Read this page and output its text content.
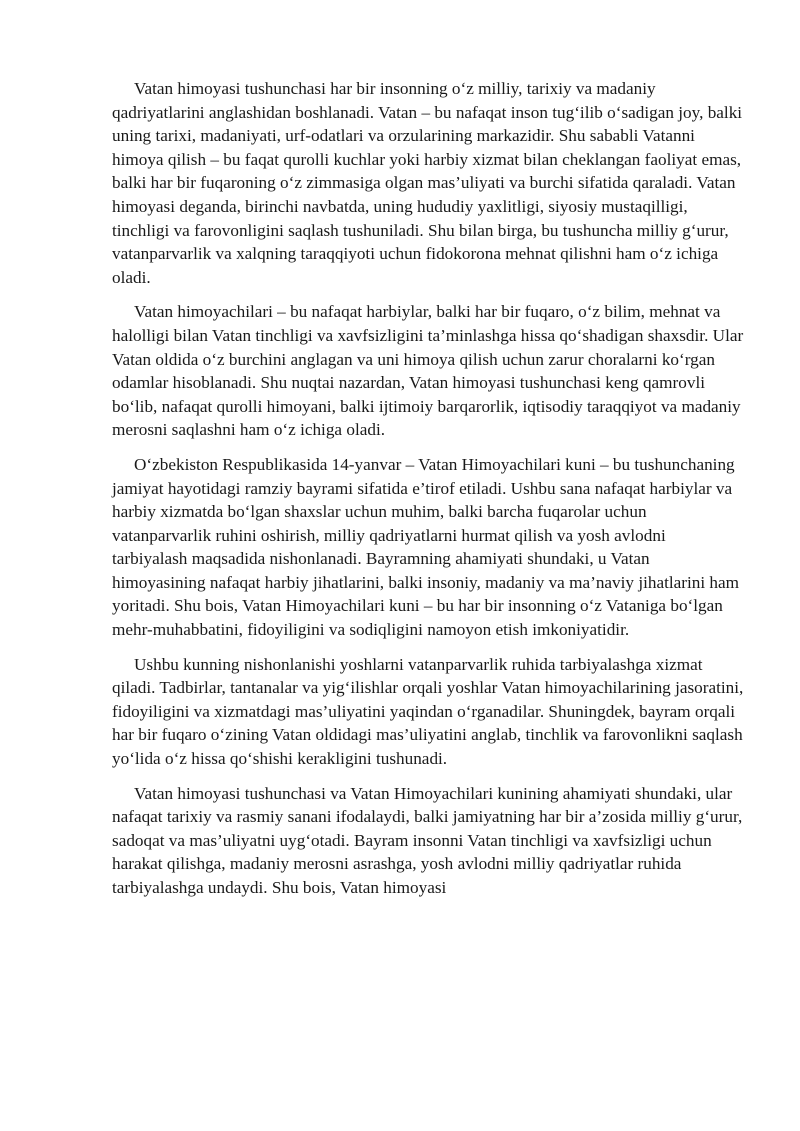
Vatan himoyasi tushunchasi har bir insonning o‘z milliy, tarixiy va madaniy qadriyatlarini anglashidan boshlanadi. Vatan – bu nafaqat inson tug‘ilib o‘sadigan joy, balki uning tarixi, madaniyati, urf-odatlari va orzularining markazidir. Shu sababli Vatanni himoya qilish – bu faqat qurolli kuchlar yoki harbiy xizmat bilan cheklangan faoliyat emas, balki har bir fuqaroning o‘z zimmasiga olgan mas’uliyati va burchi sifatida qaraladi. Vatan himoyasi deganda, birinchi navbatda, uning hududiy yaxlitligi, siyosiy mustaqilligi, tinchligi va farovonligini saqlash tushuniladi. Shu bilan birga, bu tushuncha milliy g‘urur, vatanparvarlik va xalqning taraqqiyoti uchun fidokorona mehnat qilishni ham o‘z ichiga oladi.

Vatan himoyachilari – bu nafaqat harbiylar, balki har bir fuqaro, o‘z bilim, mehnat va halolligi bilan Vatan tinchligi va xavfsizligini ta’minlashga hissa qo‘shadigan shaxsdir. Ular Vatan oldida o‘z burchini anglagan va uni himoya qilish uchun zarur choralarni ko‘rgan odamlar hisoblanadi. Shu nuqtai nazardan, Vatan himoyasi tushunchasi keng qamrovli bo‘lib, nafaqat qurolli himoyani, balki ijtimoiy barqarorlik, iqtisodiy taraqqiyot va madaniy merosni saqlashni ham o‘z ichiga oladi.

O‘zbekiston Respublikasida 14-yanvar – Vatan Himoyachilari kuni – bu tushunchaning jamiyat hayotidagi ramziy bayrami sifatida e’tirof etiladi. Ushbu sana nafaqat harbiylar va harbiy xizmatda bo‘lgan shaxslar uchun muhim, balki barcha fuqarolar uchun vatanparvarlik ruhini oshirish, milliy qadriyatlarni hurmat qilish va yosh avlodni tarbiyalash maqsadida nishonlanadi. Bayramning ahamiyati shundaki, u Vatan himoyasining nafaqat harbiy jihatlarini, balki insoniy, madaniy va ma’naviy jihatlarini ham yoritadi. Shu bois, Vatan Himoyachilari kuni – bu har bir insonning o‘z Vataniga bo‘lgan mehr-muhabbatini, fidoyiligini va sodiqligini namoyon etish imkoniyatidir.

Ushbu kunning nishonlanishi yoshlarni vatanparvarlik ruhida tarbiyalashga xizmat qiladi. Tadbirlar, tantanalar va yig‘ilishlar orqali yoshlar Vatan himoyachilarining jasoratini, fidoyiligini va xizmatdagi mas’uliyatini yaqindan o‘rganadilar. Shuningdek, bayram orqali har bir fuqaro o‘zining Vatan oldidagi mas’uliyatini anglab, tinchlik va farovonlikni saqlash yo‘lida o‘z hissa qo‘shishi kerakligini tushunadi.

Vatan himoyasi tushunchasi va Vatan Himoyachilari kunining ahamiyati shundaki, ular nafaqat tarixiy va rasmiy sanani ifodalaydi, balki jamiyatning har bir a’zosida milliy g‘urur, sadoqat va mas’uliyatni uyg‘otadi. Bayram insonni Vatan tinchligi va xavfsizligi uchun harakat qilishga, madaniy merosni asrashga, yosh avlodni milliy qadriyatlar ruhida tarbiyalashga undaydi. Shu bois, Vatan himoyasi
